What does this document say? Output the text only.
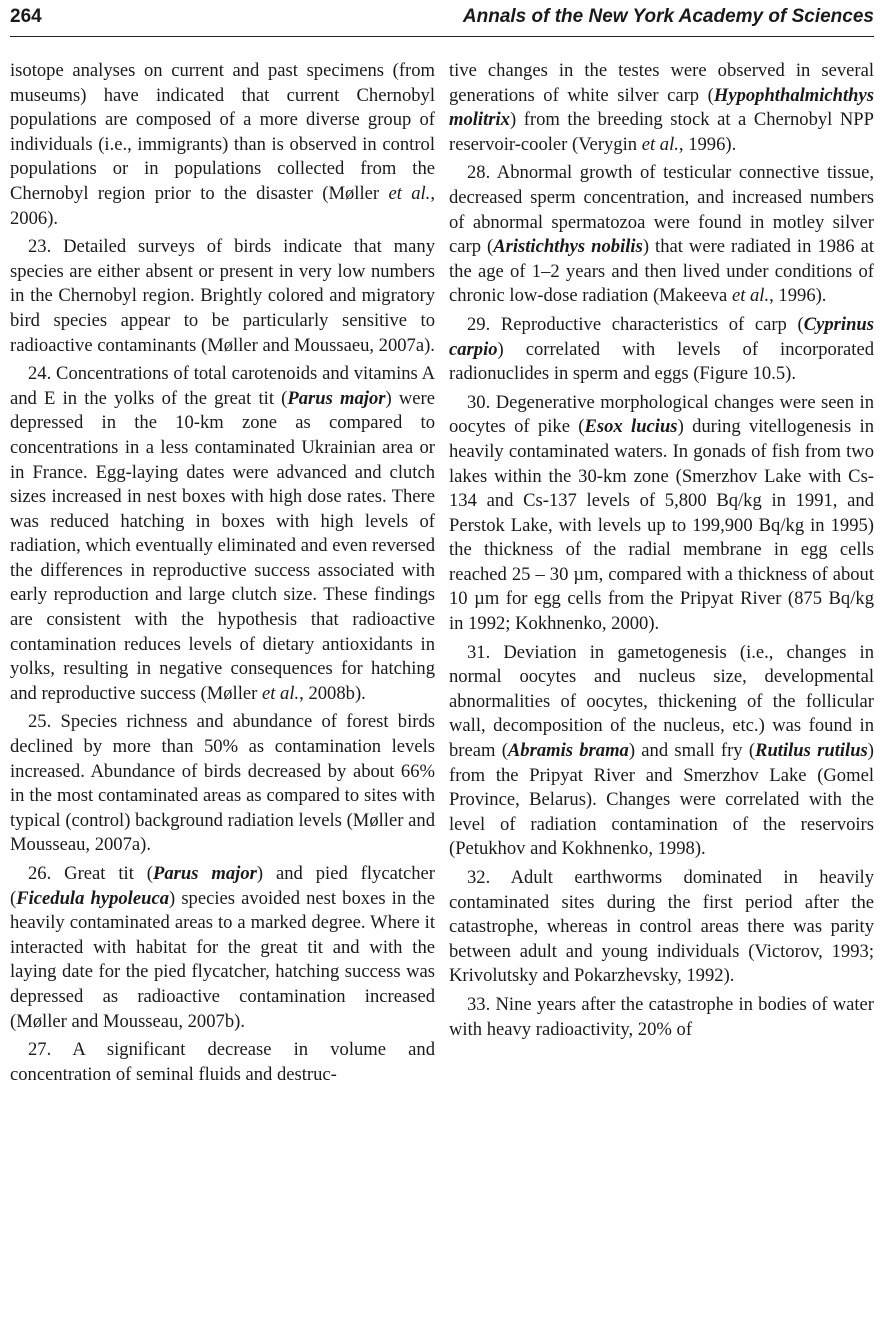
264	Annals of the New York Academy of Sciences

isotope analyses on current and past specimens (from museums) have indicated that current Chernobyl populations are composed of a more diverse group of individuals (i.e., immigrants) than is observed in control populations or in populations collected from the Chernobyl region prior to the disaster (Møller et al., 2006).

23. Detailed surveys of birds indicate that many species are either absent or present in very low numbers in the Chernobyl region. Brightly colored and migratory bird species appear to be particularly sensitive to radioactive contaminants (Møller and Moussaeu, 2007a).

24. Concentrations of total carotenoids and vitamins A and E in the yolks of the great tit (Parus major) were depressed in the 10-km zone as compared to concentrations in a less contaminated Ukrainian area or in France. Egg-laying dates were advanced and clutch sizes increased in nest boxes with high dose rates. There was reduced hatching in boxes with high levels of radiation, which eventually eliminated and even reversed the differences in reproductive success associated with early reproduction and large clutch size. These findings are consistent with the hypothesis that radioactive contamination reduces levels of dietary antioxidants in yolks, resulting in negative consequences for hatching and reproductive success (Møller et al., 2008b).

25. Species richness and abundance of forest birds declined by more than 50% as contamination levels increased. Abundance of birds decreased by about 66% in the most contaminated areas as compared to sites with typical (control) background radiation levels (Møller and Mousseau, 2007a).

26. Great tit (Parus major) and pied flycatcher (Ficedula hypoleuca) species avoided nest boxes in the heavily contaminated areas to a marked degree. Where it interacted with habitat for the great tit and with the laying date for the pied flycatcher, hatching success was depressed as radioactive contamination increased (Møller and Mousseau, 2007b).

27. A significant decrease in volume and concentration of seminal fluids and destruc-

tive changes in the testes were observed in several generations of white silver carp (Hypophthalmichthys molitrix) from the breeding stock at a Chernobyl NPP reservoir-cooler (Verygin et al., 1996).

28. Abnormal growth of testicular connective tissue, decreased sperm concentration, and increased numbers of abnormal spermatozoa were found in motley silver carp (Aristichthys nobilis) that were radiated in 1986 at the age of 1–2 years and then lived under conditions of chronic low-dose radiation (Makeeva et al., 1996).

29. Reproductive characteristics of carp (Cyprinus carpio) correlated with levels of incorporated radionuclides in sperm and eggs (Figure 10.5).

30. Degenerative morphological changes were seen in oocytes of pike (Esox lucius) during vitellogenesis in heavily contaminated waters. In gonads of fish from two lakes within the 30-km zone (Smerzhov Lake with Cs-134 and Cs-137 levels of 5,800 Bq/kg in 1991, and Perstok Lake, with levels up to 199,900 Bq/kg in 1995) the thickness of the radial membrane in egg cells reached 25 – 30 µm, compared with a thickness of about 10 µm for egg cells from the Pripyat River (875 Bq/kg in 1992; Kokhnenko, 2000).

31. Deviation in gametogenesis (i.e., changes in normal oocytes and nucleus size, developmental abnormalities of oocytes, thickening of the follicular wall, decomposition of the nucleus, etc.) was found in bream (Abramis brama) and small fry (Rutilus rutilus) from the Pripyat River and Smerzhov Lake (Gomel Province, Belarus). Changes were correlated with the level of radiation contamination of the reservoirs (Petukhov and Kokhnenko, 1998).

32. Adult earthworms dominated in heavily contaminated sites during the first period after the catastrophe, whereas in control areas there was parity between adult and young individuals (Victorov, 1993; Krivolutsky and Pokarzhevsky, 1992).

33. Nine years after the catastrophe in bodies of water with heavy radioactivity, 20% of
